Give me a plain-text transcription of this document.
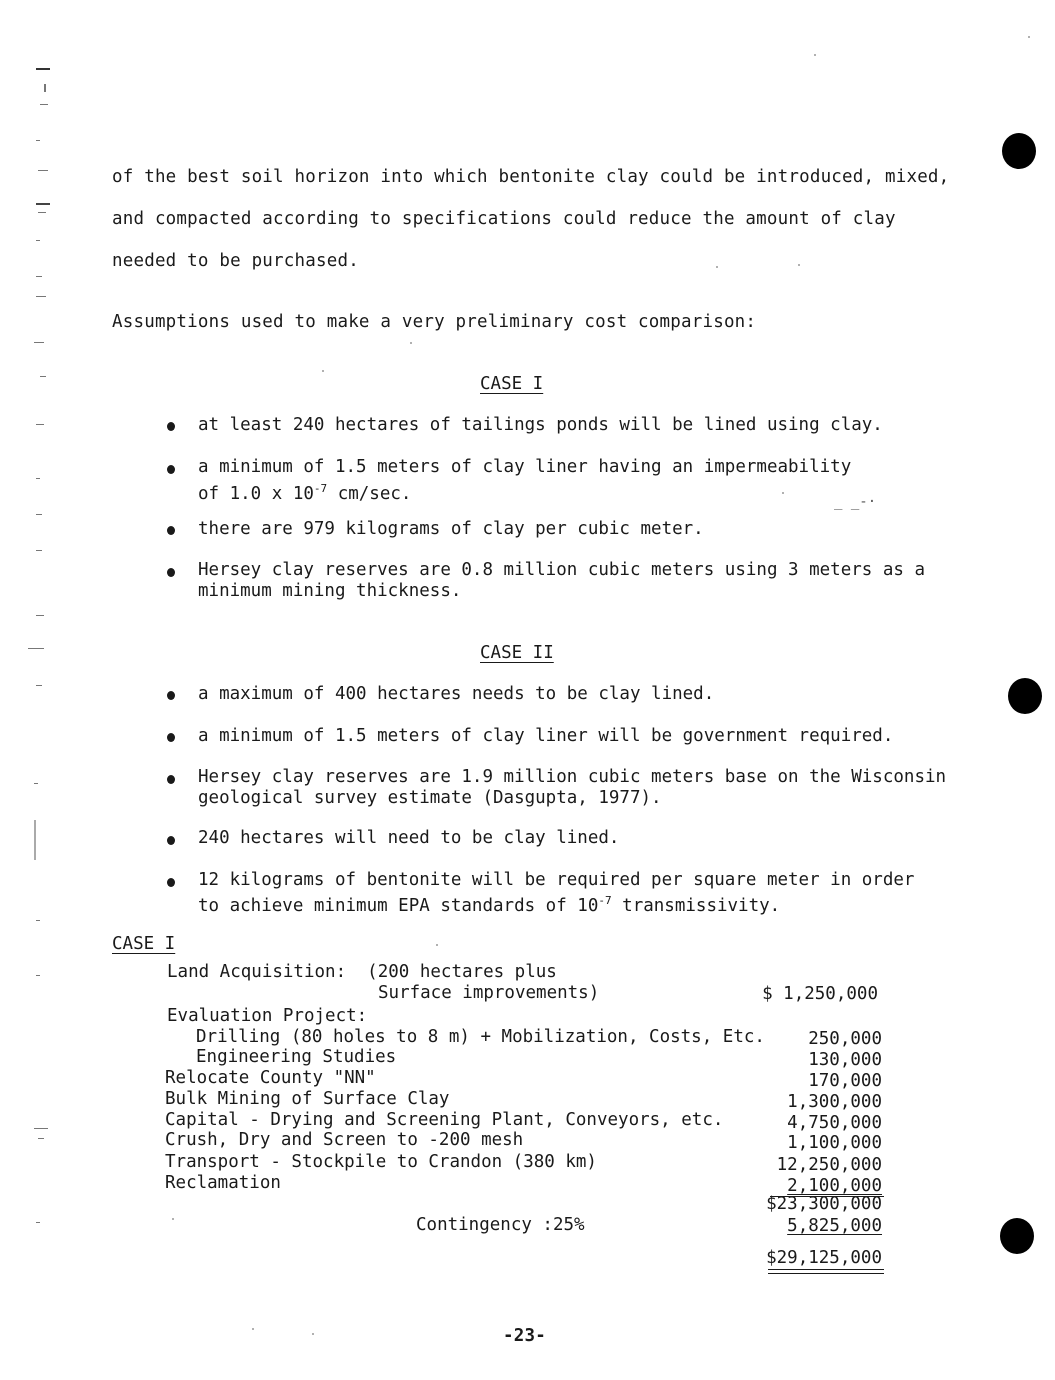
_ _-·
of the best soil horizon into which bentonite clay could be introduced, mixed,
and compacted according to specifications could reduce the amount of clay
needed to be purchased.
Assumptions used to make a very preliminary cost comparison:
CASE I
at least 240 hectares of tailings ponds will be lined using clay.
a minimum of 1.5 meters of clay liner having an impermeability
of 1.0 x $10^{-7}$ cm/sec.
there are 979 kilograms of clay per cubic meter.
Hersey clay reserves are 0.8 million cubic meters using 3 meters as a
minimum mining thickness.
CASE II
a maximum of 400 hectares needs to be clay lined.
a minimum of 1.5 meters of clay liner will be government required.
Hersey clay reserves are 1.9 million cubic meters base on the Wisconsin
geological survey estimate (Dasgupta, 1977).
240 hectares will need to be clay lined.
12 kilograms of bentonite will be required per square meter in order
to achieve minimum EPA standards of $10^{-7}$ transmissivity.
CASE I
Land Acquisition:  (200 hectares plus
Surface improvements)	$ 1,250,000
Evaluation Project:
Drilling (80 holes to 8 m) + Mobilization, Costs, Etc.	250,000
Engineering Studies	130,000
Relocate County "NN"	170,000
Bulk Mining of Surface Clay	1,300,000
Capital - Drying and Screening Plant, Conveyors, etc.	4,750,000
Crush, Dry and Screen to -200 mesh	1,100,000
Transport - Stockpile to Crandon (380 km)	12,250,000
Reclamation	2,100,000
$23,300,000
Contingency :25%	5,825,000
$29,125,000
-23-
